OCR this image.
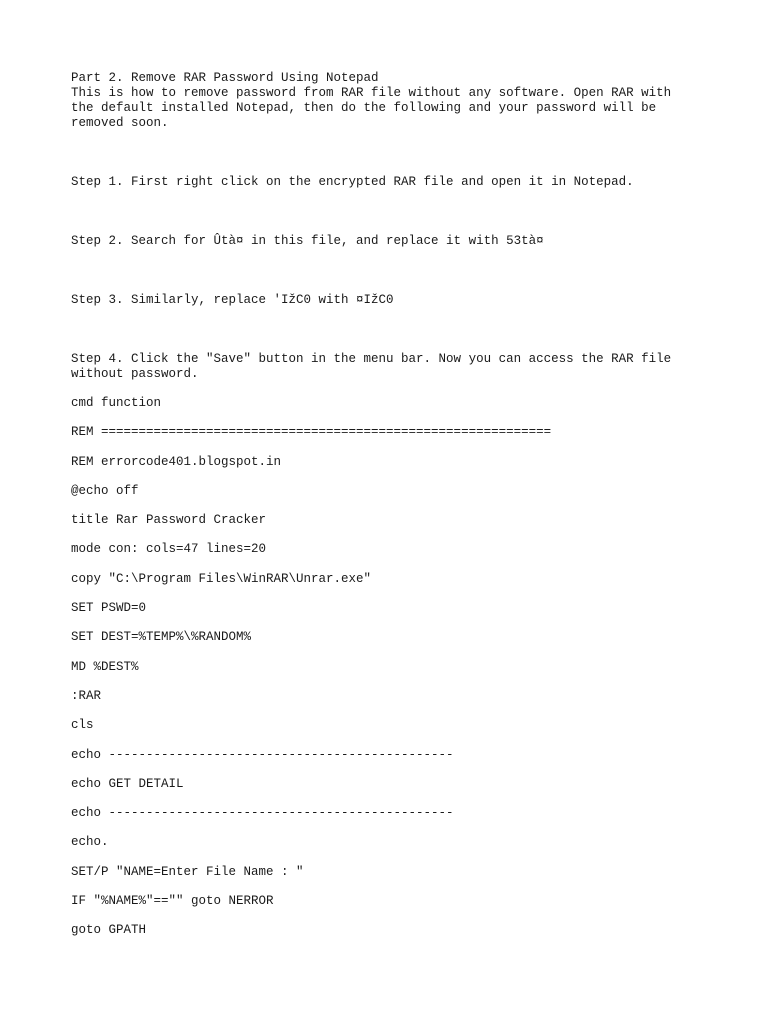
Part 2. Remove RAR Password Using Notepad
This is how to remove password from RAR file without any software. Open RAR with
the default installed Notepad, then do the following and your password will be
removed soon.
Step 1. First right click on the encrypted RAR file and open it in Notepad.
Step 2. Search for Ûtà¤ in this file, and replace it with 53tà¤
Step 3. Similarly, replace 'IžC0 with ¤IžC0
Step 4. Click the "Save" button in the menu bar. Now you can access the RAR file
without password.
cmd function
REM ============================================================
REM errorcode401.blogspot.in
@echo off
title Rar Password Cracker
mode con: cols=47 lines=20
copy "C:\Program Files\WinRAR\Unrar.exe"
SET PSWD=0
SET DEST=%TEMP%\%RANDOM%
MD %DEST%
:RAR
cls
echo ----------------------------------------------
echo GET DETAIL
echo ----------------------------------------------
echo.
SET/P "NAME=Enter File Name : "
IF "%NAME%"=="" goto NERROR
goto GPATH
